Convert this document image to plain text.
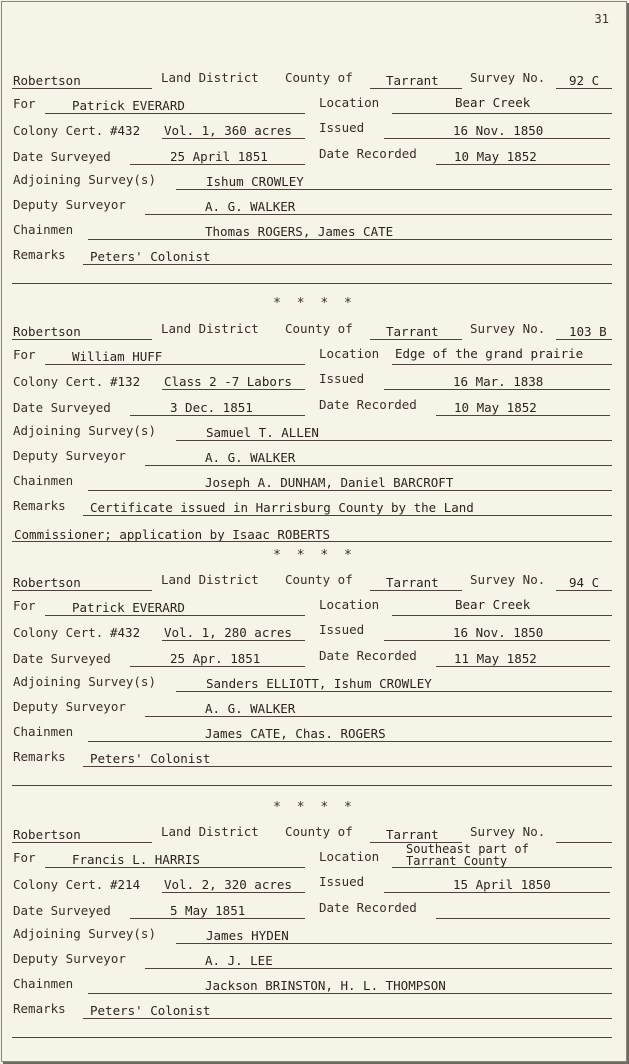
31
* * * *
* * * *
* * * *
Robertson	Land District County of	Tarrant	Survey No. 92 C
For	Patrick EVERARD	Location	Bear Creek
Colony Cert. #432 Vol. 1, 360 acres Issued	16 Nov. 1850
Date Surveyed	25 April 1851	Date Recorded	10 May 1852
Adjoining Survey(s)	Ishum CROWLEY
Deputy Surveyor	A. G. WALKER
Chainmen	Thomas ROGERS, James CATE
Remarks Peters' Colonist
Robertson	Land District County of	Tarrant	Survey No. 103 B
For	William HUFF	Location Edge of the grand prairie
Colony Cert. #132 Class 2 -7 Labors Issued	16 Mar. 1838
Date Surveyed	3 Dec. 1851	Date Recorded	10 May 1852
Adjoining Survey(s)	Samuel T. ALLEN
Deputy Surveyor	A. G. WALKER
Chainmen	Joseph A. DUNHAM, Daniel BARCROFT
Remarks Certificate issued in Harrisburg County by the Land
Commissioner; application by Isaac ROBERTS
Robertson	Land District County of	Tarrant	Survey No. 94 C
For	Patrick EVERARD	Location	Bear Creek
Colony Cert. #432 Vol. 1, 280 acres Issued	16 Nov. 1850
Date Surveyed	25 Apr. 1851	Date Recorded	11 May 1852
Adjoining Survey(s)	Sanders ELLIOTT, Ishum CROWLEY
Deputy Surveyor	A. G. WALKER
Chainmen	James CATE, Chas. ROGERS
Remarks Peters' Colonist
Robertson	Land District County of	Tarrant	Survey No.
For	Francis L. HARRIS	Location Southeast part of
Tarrant County
Colony Cert. #214 Vol. 2, 320 acres Issued	15 April 1850
Date Surveyed	5 May 1851	Date Recorded
Adjoining Survey(s)	James HYDEN
Deputy Surveyor	A. J. LEE
Chainmen	Jackson BRINSTON, H. L. THOMPSON
Remarks Peters' Colonist
